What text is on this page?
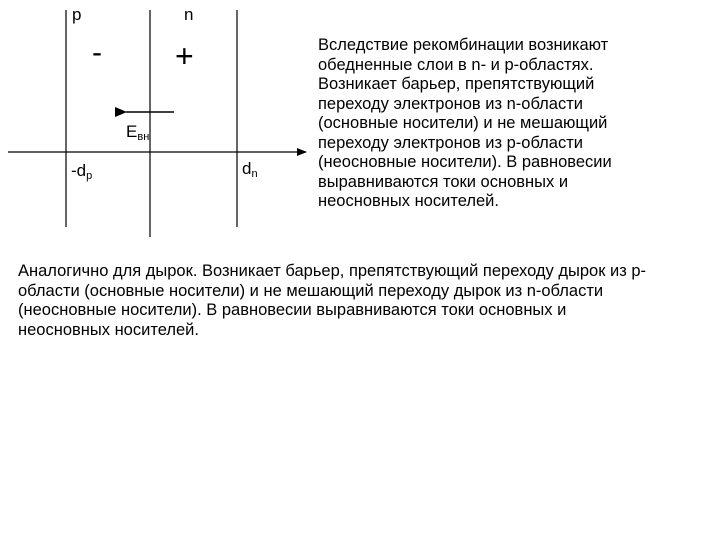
p	n
- +
$E_{вн}$
$-d_p$	$d_n$
Вследствие рекомбинации возникают
обедненные слои в n- и p-областях.
Возникает барьер, препятствующий
переходу электронов из n-области
(основные носители) и не мешающий
переходу электронов из p-области
(неосновные носители). В равновесии
выравниваются токи основных и
неосновных носителей.
Аналогично для дырок. Возникает барьер, препятствующий переходу дырок из p-
области (основные носители) и не мешающий переходу дырок из n-области
(неосновные носители). В равновесии выравниваются токи основных и
неосновных носителей.
